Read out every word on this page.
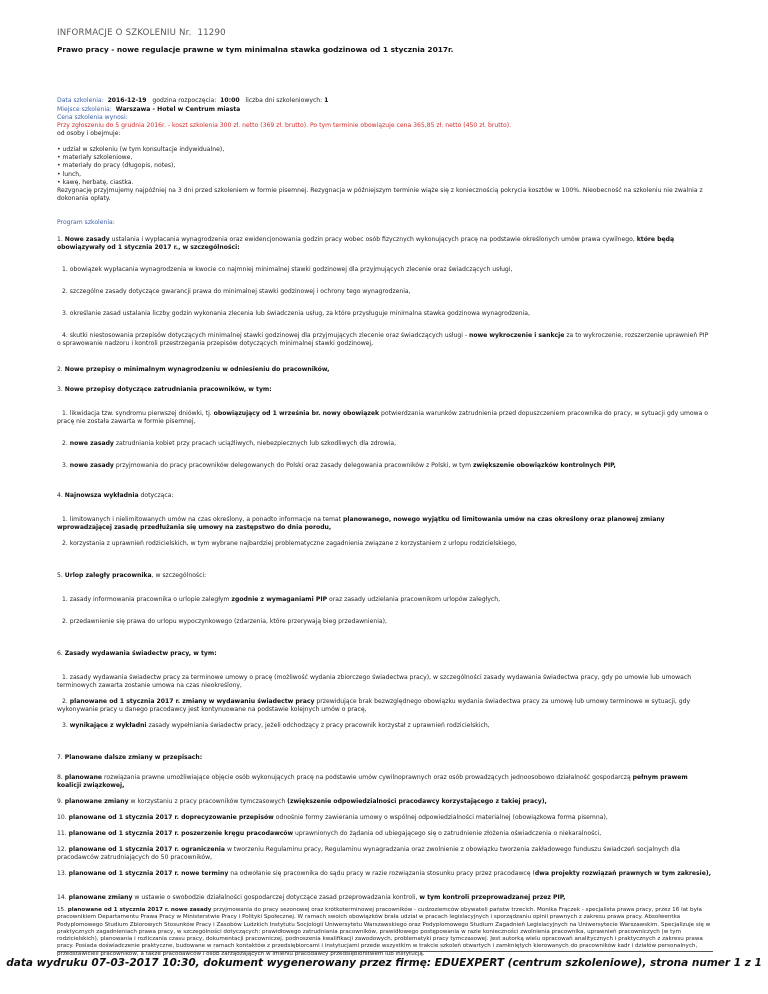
INFORMACJE O SZKOLENIU Nr. 11290
Prawo pracy - nowe regulacje prawne w tym minimalna stawka godzinowa od 1 stycznia 2017r.
Data szkolenia: 2016-12-19 godzina rozpoczęcia: 10:00 liczba dni szkoleniowych: 1
Miejsce szkolenia: Warszawa - Hotel w Centrum miasta
Cena szkolenia wynosi:
Przy zgłoszeniu do 5 grudnia 2016r. - koszt szkolenia 300 zł. netto (369 zł. brutto). Po tym terminie obowiązuje cena 365,85 zł. netto (450 zł. brutto).
od osoby i obejmuje:
• udział w szkoleniu (w tym konsultacje indywidualne),
• materiały szkoleniowe,
• materiały do pracy (długopis, notes),
• lunch,
• kawę, herbatę, ciastka.
Rezygnację przyjmujemy najpóźniej na 3 dni przed szkoleniem w formie pisemnej. Rezygnacja w późniejszym terminie wiąże się z koniecznością pokrycia kosztów w 100%. Nieobecność na szkoleniu nie zwalnia z dokonania opłaty.
Program szkolenia:
1. Nowe zasady ustalania i wypłacania wynagrodzenia oraz ewidencjonowania godzin pracy wobec osób fizycznych wykonujących pracę na podstawie określonych umów prawa cywilnego, które będą obowiązywały od 1 stycznia 2017 r., w szczególności:
1. obowiązek wypłacania wynagrodzenia w kwocie co najmniej minimalnej stawki godzinowej dla przyjmujących zlecenie oraz świadczących usługi,
2. szczególne zasady dotyczące gwarancji prawa do minimalnej stawki godzinowej i ochrony tego wynagrodzenia,
3. określanie zasad ustalania liczby godzin wykonania zlecenia lub świadczenia usług, za które przysługuje minimalna stawka godzinowa wynagrodzenia,
4. skutki niestosowania przepisów dotyczących minimalnej stawki godzinowej dla przyjmujących zlecenie oraz świadczących usługi - nowe wykroczenie i sankcje za to wykroczenie, rozszerzenie uprawnień PIP o sprawowanie nadzoru i kontroli przestrzegania przepisów dotyczących minimalnej stawki godzinowej,
2. Nowe przepisy o minimalnym wynagrodzeniu w odniesieniu do pracowników,
3. Nowe przepisy dotyczące zatrudniania pracowników, w tym:
1. likwidacja tzw. syndromu pierwszej dniówki, tj. obowiązujący od 1 września br. nowy obowiązek potwierdzania warunków zatrudnienia przed dopuszczeniem pracownika do pracy, w sytuacji gdy umowa o pracę nie została zawarta w formie pisemnej,
2. nowe zasady zatrudniania kobiet przy pracach uciążliwych, niebezpiecznych lub szkodliwych dla zdrowia,
3. nowe zasady przyjmowania do pracy pracowników delegowanych do Polski oraz zasady delegowania pracowników z Polski, w tym zwiększenie obowiązków kontrolnych PIP,
4. Najnowsza wykładnia dotycząca:
1. limitowanych i nielimitowanych umów na czas określony, a ponadto informacje na temat planowanego, nowego wyjątku od limitowania umów na czas określony oraz planowej zmiany wprowadzającej zasadę przedłużania się umowy na zastępstwo do dnia porodu,
2. korzystania z uprawnień rodzicielskich, w tym wybrane najbardziej problematyczne zagadnienia związane z korzystaniem z urlopu rodzicielskiego,
5. Urlop zaległy pracownika, w szczególności:
1. zasady informowania pracownika o urlopie zaległym zgodnie z wymaganiami PIP oraz zasady udzielania pracownikom urlopów zaległych,
2. przedawnienie się prawa do urlopu wypoczynkowego (zdarzenia, które przerywają bieg przedawnienia),
6. Zasady wydawania świadectw pracy, w tym:
1. zasady wydawania świadectw pracy za terminowe umowy o pracę (możliwość wydania zbiorczego świadectwa pracy), w szczególności zasady wydawania świadectwa pracy, gdy po umowie lub umowach terminowych zawarta zostanie umowa na czas nieokreślony,
2. planowane od 1 stycznia 2017 r. zmiany w wydawaniu świadectw pracy przewidujące brak bezwzględnego obowiązku wydania świadectwa pracy za umowę lub umowy terminowe w sytuacji, gdy wykonywanie pracy u danego pracodawcy jest kontynuowane na podstawie kolejnych umów o pracę,
3. wynikające z wykładni zasady wypełniania świadectw pracy, jeżeli odchodzący z pracy pracownik korzystał z uprawnień rodzicielskich,
7. Planowane dalsze zmiany w przepisach:
8. planowane rozwiązania prawne umożliwiające objęcie osób wykonujących pracę na podstawie umów cywilnoprawnych oraz osób prowadzących jednoosobowo działalność gospodarczą pełnym prawem koalicji związkowej,
9. planowane zmiany w korzystaniu z pracy pracowników tymczasowych (zwiększenie odpowiedzialności pracodawcy korzystającego z takiej pracy),
10. planowane od 1 stycznia 2017 r. doprecyzowanie przepisów odnośnie formy zawierania umowy o wspólnej odpowiedzialności materialnej (obowiązkowa forma pisemna),
11. planowane od 1 stycznia 2017 r. poszerzenie kręgu pracodawców uprawnionych do żądania od ubiegającego się o zatrudnienie złożenia oświadczenia o niekaralności,
12. planowane od 1 stycznia 2017 r. ograniczenia w tworzeniu Regulaminu pracy, Regulaminu wynagradzania oraz zwolnienie z obowiązku tworzenia zakładowego funduszu świadczeń socjalnych dla pracodawców zatrudniających do 50 pracowników,
13. planowane od 1 stycznia 2017 r. nowe terminy na odwołanie się pracownika do sądu pracy w razie rozwiązania stosunku pracy przez pracodawcę (dwa projekty rozwiązań prawnych w tym zakresie),
14. planowane zmiany w ustawie o swobodzie działalności gospodarczej dotyczące zasad przeprowadzania kontroli, w tym kontroli przeprowadzanej przez PIP,
15. planowane od 1 stycznia 2017 r. nowe zasady przyjmowania do pracy sezonowej oraz krótkoterminowej pracowników - cudzoziemców obywateli państw trzecich. Monika Frączek - specjalista prawa pracy, przez 16 lat była pracownikiem Departamentu Prawa Pracy w Ministerstwie Pracy i Polityki Społecznej. W ramach swoich obowiązków brała udział w pracach legislacyjnych i sporządzaniu opinii prawnych z zakresu prawa pracy. Absolwentka Podyplomowego Studium Zbiorowych Stosunków Pracy i Zasobów Ludzkich Instytutu Socjologii Uniwersytetu Warszawskiego oraz Podyplomowego Studium Zagadnień Legislacyjnych na Uniwersytecie Warszawskim. Specjalizuje się w praktycznych zagadnieniach prawa pracy, w szczególności dotyczących: prawidłowego zatrudniania pracowników, prawidłowego postępowania w razie konieczności zwolnienia pracownika, uprawnień pracowniczych (w tym rodzicielskich), planowania i rozliczania czasu pracy, dokumentacji pracowniczej, podnoszenia kwalifikacji zawodowych, problematyki pracy tymczasowej. Jest autorką wielu opracowań analitycznych i praktycznych z zakresu prawa pracy. Posiada doświadczenie praktyczne, budowane w ramach kontaktów z przedsiębiorcami i instytucjami przede wszystkim w trakcie szkoleń otwartych i zamkniętych kierowanych do pracowników kadr i działów personalnych, przedstawicieli pracowników, a także pracodawców i osób zarządzających w imieniu pracodawcy przedsiębiorstwem lub instytucją.
data wydruku 07-03-2017 10:30, dokument wygenerowany przez firmę: EDUEXPERT (centrum szkoleniowe), strona numer 1 z 1
